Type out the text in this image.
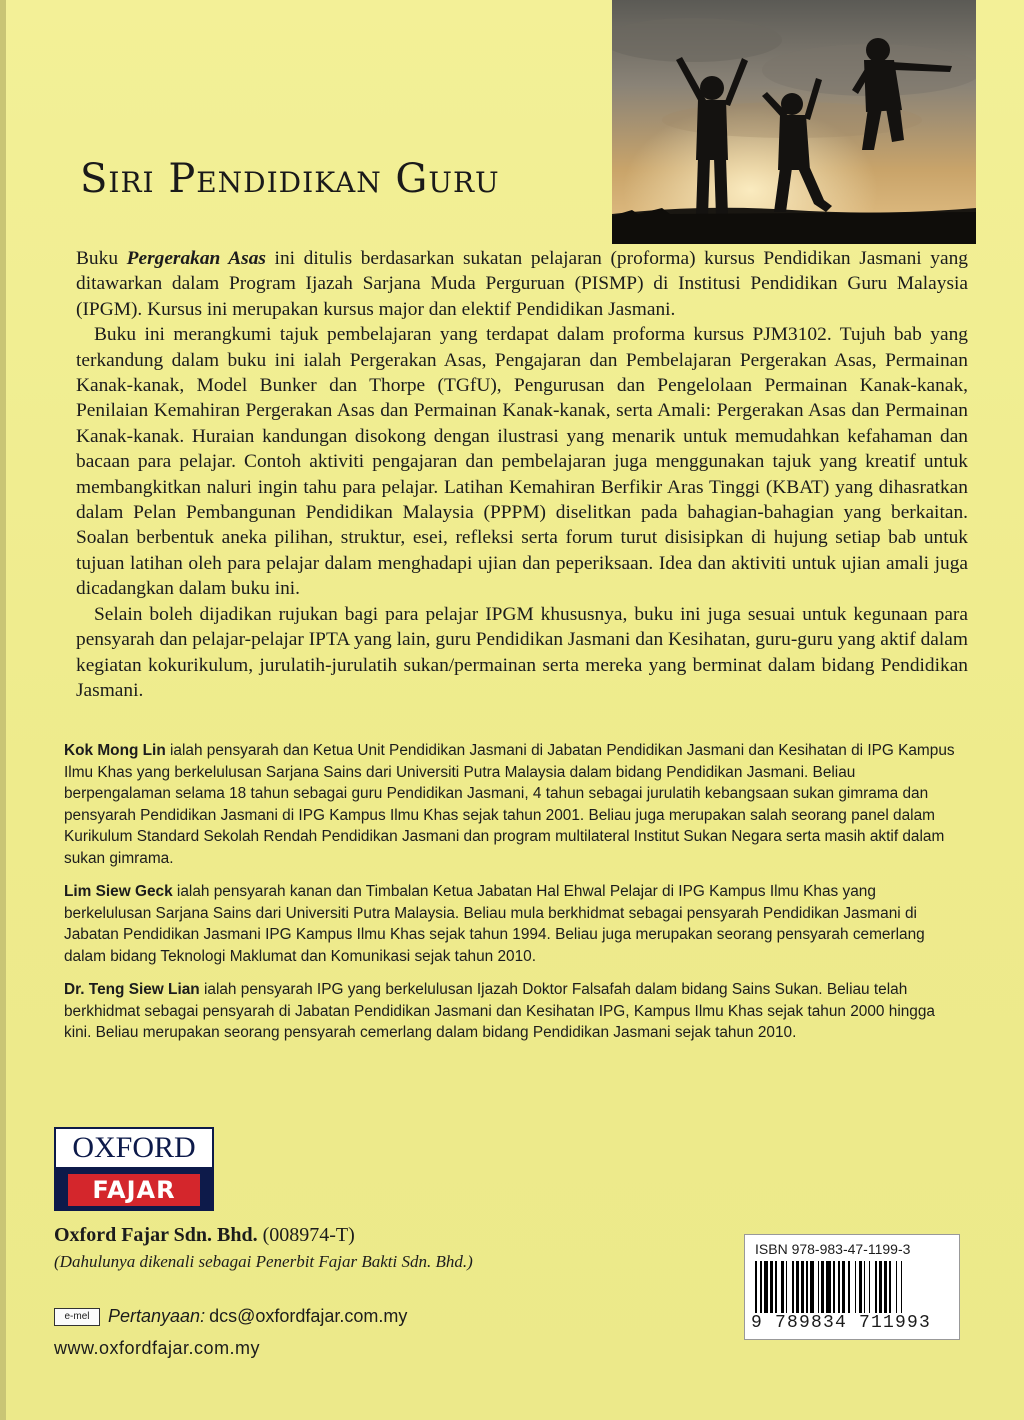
Siri Pendidikan Guru

Buku Pergerakan Asas ini ditulis berdasarkan sukatan pelajaran (proforma) kursus Pendidikan Jasmani yang ditawarkan dalam Program Ijazah Sarjana Muda Perguruan (PISMP) di Institusi Pendidikan Guru Malaysia (IPGM). Kursus ini merupakan kursus major dan elektif Pendidikan Jasmani.

Buku ini merangkumi tajuk pembelajaran yang terdapat dalam proforma kursus PJM3102. Tujuh bab yang terkandung dalam buku ini ialah Pergerakan Asas, Pengajaran dan Pembelajaran Pergerakan Asas, Permainan Kanak-kanak, Model Bunker dan Thorpe (TGfU), Pengurusan dan Pengelolaan Permainan Kanak-kanak, Penilaian Kemahiran Pergerakan Asas dan Permainan Kanak-kanak, serta Amali: Pergerakan Asas dan Permainan Kanak-kanak. Huraian kandungan disokong dengan ilustrasi yang menarik untuk memudahkan kefahaman dan bacaan para pelajar. Contoh aktiviti pengajaran dan pembelajaran juga menggunakan tajuk yang kreatif untuk membangkitkan naluri ingin tahu para pelajar. Latihan Kemahiran Berfikir Aras Tinggi (KBAT) yang dihasratkan dalam Pelan Pembangunan Pendidikan Malaysia (PPPM) diselitkan pada bahagian-bahagian yang berkaitan. Soalan berbentuk aneka pilihan, struktur, esei, refleksi serta forum turut disisipkan di hujung setiap bab untuk tujuan latihan oleh para pelajar dalam menghadapi ujian dan peperiksaan. Idea dan aktiviti untuk ujian amali juga dicadangkan dalam buku ini.

Selain boleh dijadikan rujukan bagi para pelajar IPGM khususnya, buku ini juga sesuai untuk kegunaan para pensyarah dan pelajar-pelajar IPTA yang lain, guru Pendidikan Jasmani dan Kesihatan, guru-guru yang aktif dalam kegiatan kokurikulum, jurulatih-jurulatih sukan/permainan serta mereka yang berminat dalam bidang Pendidikan Jasmani.

Kok Mong Lin ialah pensyarah dan Ketua Unit Pendidikan Jasmani di Jabatan Pendidikan Jasmani dan Kesihatan di IPG Kampus Ilmu Khas yang berkelulusan Sarjana Sains dari Universiti Putra Malaysia dalam bidang Pendidikan Jasmani. Beliau berpengalaman selama 18 tahun sebagai guru Pendidikan Jasmani, 4 tahun sebagai jurulatih kebangsaan sukan gimrama dan pensyarah Pendidikan Jasmani di IPG Kampus Ilmu Khas sejak tahun 2001. Beliau juga merupakan salah seorang panel dalam Kurikulum Standard Sekolah Rendah Pendidikan Jasmani dan program multilateral Institut Sukan Negara serta masih aktif dalam sukan gimrama.

Lim Siew Geck ialah pensyarah kanan dan Timbalan Ketua Jabatan Hal Ehwal Pelajar di IPG Kampus Ilmu Khas yang berkelulusan Sarjana Sains dari Universiti Putra Malaysia. Beliau mula berkhidmat sebagai pensyarah Pendidikan Jasmani di Jabatan Pendidikan Jasmani IPG Kampus Ilmu Khas sejak tahun 1994. Beliau juga merupakan seorang pensyarah cemerlang dalam bidang Teknologi Maklumat dan Komunikasi sejak tahun 2010.

Dr. Teng Siew Lian ialah pensyarah IPG yang berkelulusan Ijazah Doktor Falsafah dalam bidang Sains Sukan. Beliau telah berkhidmat sebagai pensyarah di Jabatan Pendidikan Jasmani dan Kesihatan IPG, Kampus Ilmu Khas sejak tahun 2000 hingga kini. Beliau merupakan seorang pensyarah cemerlang dalam bidang Pendidikan Jasmani sejak tahun 2010.

OXFORD
FAJAR
Oxford Fajar Sdn. Bhd. (008974-T)
(Dahulunya dikenali sebagai Penerbit Fajar Bakti Sdn. Bhd.)
e-mel	Pertanyaan: dcs@oxfordfajar.com.my
www.oxfordfajar.com.my
ISBN 978-983-47-1199-3
9 789834 711993
